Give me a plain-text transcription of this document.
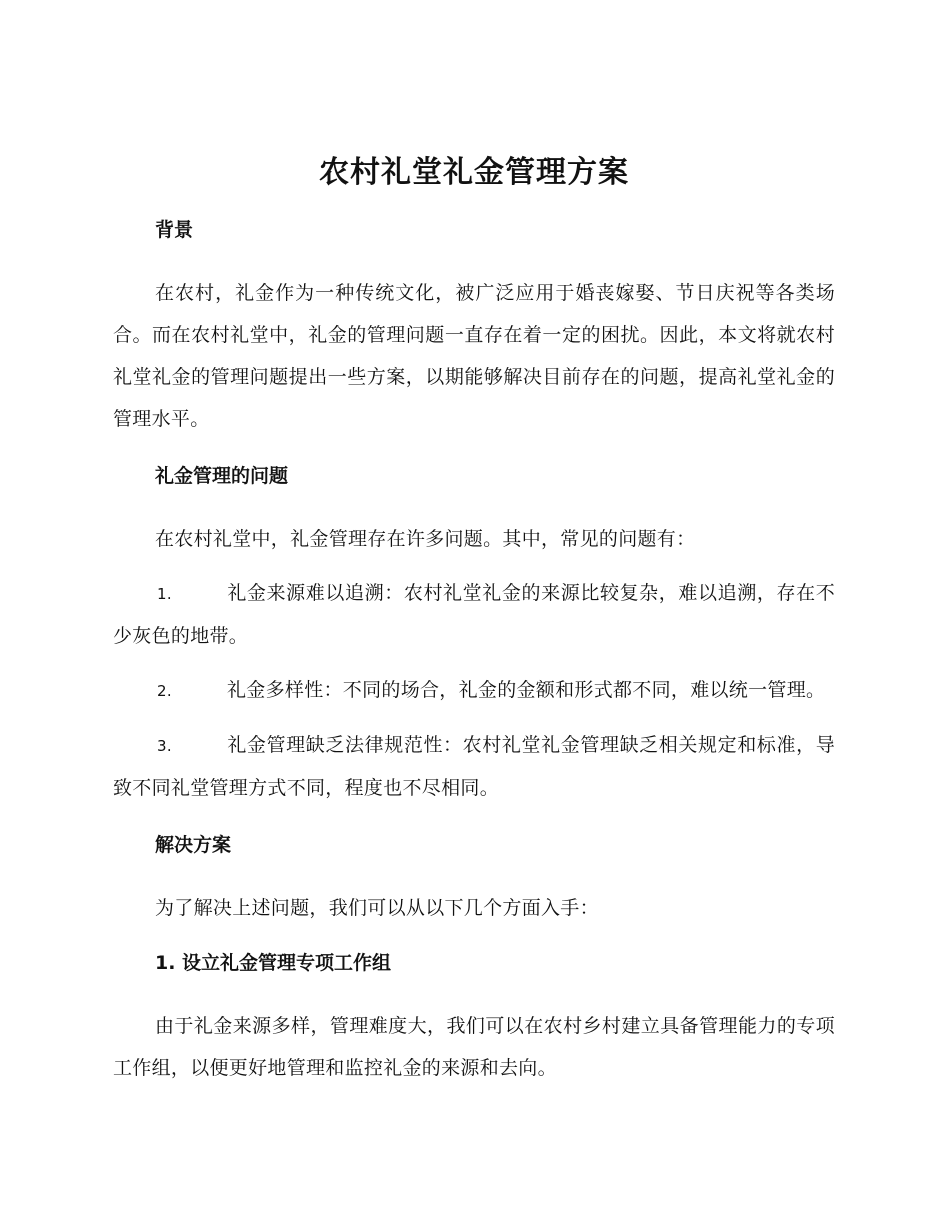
农村礼堂礼金管理方案
背景

在农村，礼金作为一种传统文化，被广泛应用于婚丧嫁娶、节日庆祝等各类场合。而在农村礼堂中，礼金的管理问题一直存在着一定的困扰。因此，本文将就农村礼堂礼金的管理问题提出一些方案，以期能够解决目前存在的问题，提高礼堂礼金的管理水平。

礼金管理的问题

在农村礼堂中，礼金管理存在许多问题。其中，常见的问题有：

1.	礼金来源难以追溯：农村礼堂礼金的来源比较复杂，难以追溯，存在不少灰色的地带。

2.	礼金多样性：不同的场合，礼金的金额和形式都不同，难以统一管理。

3.	礼金管理缺乏法律规范性：农村礼堂礼金管理缺乏相关规定和标准，导致不同礼堂管理方式不同，程度也不尽相同。

解决方案

为了解决上述问题，我们可以从以下几个方面入手：

1. 设立礼金管理专项工作组

由于礼金来源多样，管理难度大，我们可以在农村乡村建立具备管理能力的专项工作组，以便更好地管理和监控礼金的来源和去向。
